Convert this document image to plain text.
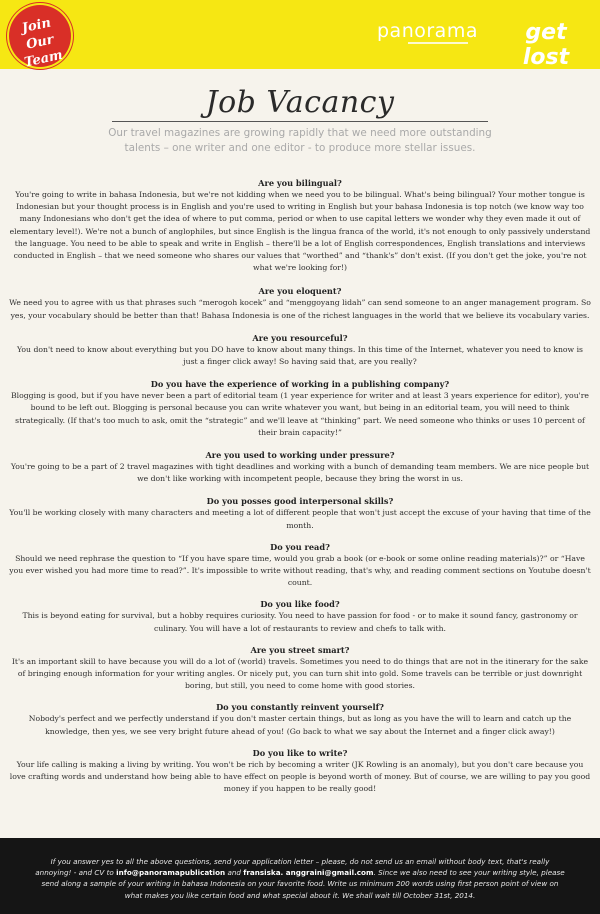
Join
Our Team
panorama	get lost
Job Vacancy
Our travel magazines are growing rapidly that we need more outstanding talents – one writer and one editor - to produce more stellar issues.
Are you bilingual?
You're going to write in bahasa Indonesia, but we're not kidding when we need you to be bilingual. What's being bilingual? Your mother tongue is Indonesian but your thought process is in English and you're used to writing in English but your bahasa Indonesia is top notch (we know way too many Indonesians who don't get the idea of where to put comma, period or when to use capital letters we wonder why they even made it out of elementary level!). We're not a bunch of anglophiles, but since English is the lingua franca of the world, it's not enough to only passively understand the language. You need to be able to speak and write in English – there'll be a lot of English correspondences, English translations and interviews conducted in English – that we need someone who shares our values that “worthed” and “thank's” don't exist. (If you don't get the joke, you're not what we're looking for!)
Are you eloquent?
We need you to agree with us that phrases such “merogoh kocek” and “menggoyang lidah” can send someone to an anger management program. So yes, your vocabulary should be better than that! Bahasa Indonesia is one of the richest languages in the world that we believe its vocabulary varies.
Are you resourceful?
You don't need to know about everything but you DO have to know about many things. In this time of the Internet, whatever you need to know is just a finger click away! So having said that, are you really?
Do you have the experience of working in a publishing company?
Blogging is good, but if you have never been a part of editorial team (1 year experience for writer and at least 3 years experience for editor), you're bound to be left out. Blogging is personal because you can write whatever you want, but being in an editorial team, you will need to think strategically. (If that's too much to ask, omit the “strategic” and we'll leave at “thinking” part. We need someone who thinks or uses 10 percent of their brain capacity!”
Are you used to working under pressure?
You're going to be a part of 2 travel magazines with tight deadlines and working with a bunch of demanding team members. We are nice people but we don't like working with incompetent people, because they bring the worst in us.
Do you posses good interpersonal skills?
You'll be working closely with many characters and meeting a lot of different people that won't just accept the excuse of your having that time of the month.
Do you read?
Should we need rephrase the question to “If you have spare time, would you grab a book (or e-book or some online reading materials)?” or “Have you ever wished you had more time to read?”. It's impossible to write without reading, that's why, and reading comment sections on Youtube doesn't count.
Do you like food?
This is beyond eating for survival, but a hobby requires curiosity. You need to have passion for food - or to make it sound fancy, gastronomy or culinary. You will have a lot of restaurants to review and chefs to talk with.
Are you street smart?
It's an important skill to have because you will do a lot of (world) travels. Sometimes you need to do things that are not in the itinerary for the sake of bringing enough information for your writing angles. Or nicely put, you can turn shit into gold. Some travels can be terrible or just downright boring, but still, you need to come home with good stories.
Do you constantly reinvent yourself?
Nobody's perfect and we perfectly understand if you don't master certain things, but as long as you have the will to learn and catch up the knowledge, then yes, we see very bright future ahead of you! (Go back to what we say about the Internet and a finger click away!)
Do you like to write?
Your life calling is making a living by writing. You won't be rich by becoming a writer (JK Rowling is an anomaly), but you don't care because you love crafting words and understand how being able to have effect on people is beyond worth of money. But of course, we are willing to pay you good money if you happen to be really good!
If you answer yes to all the above questions, send your application letter – please, do not send us an email without body text, that's really annoying! - and CV to info@panoramapublication and fransiska. anggraini@gmail.com. Since we also need to see your writing style, please send along a sample of your writing in bahasa Indonesia on your favorite food. Write us minimum 200 words using first person point of view on what makes you like certain food and what special about it. We shall wait till October 31st, 2014.
